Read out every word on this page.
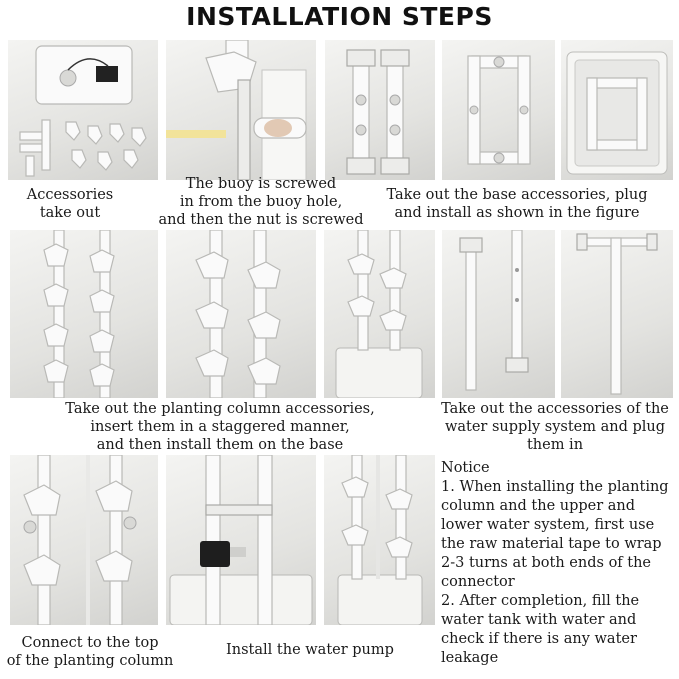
INSTALLATION STEPS
Accessories
take out
The buoy is screwed
in from the buoy hole,
and then the nut is screwed
Take out the base accessories, plug
and install as shown in the figure
Take out the planting column accessories,
insert them in a staggered manner,
and then install them on the base
Take out the accessories of the
water supply system and plug
them in
Connect to the top
of the planting column
Install the water pump
Notice
1. When installing the planting
column and the upper and
lower water system, first use
the raw material tape to wrap
2-3 turns at both ends of the
connector
2. After completion, fill the
water tank with water and
check if there is any water
leakage
